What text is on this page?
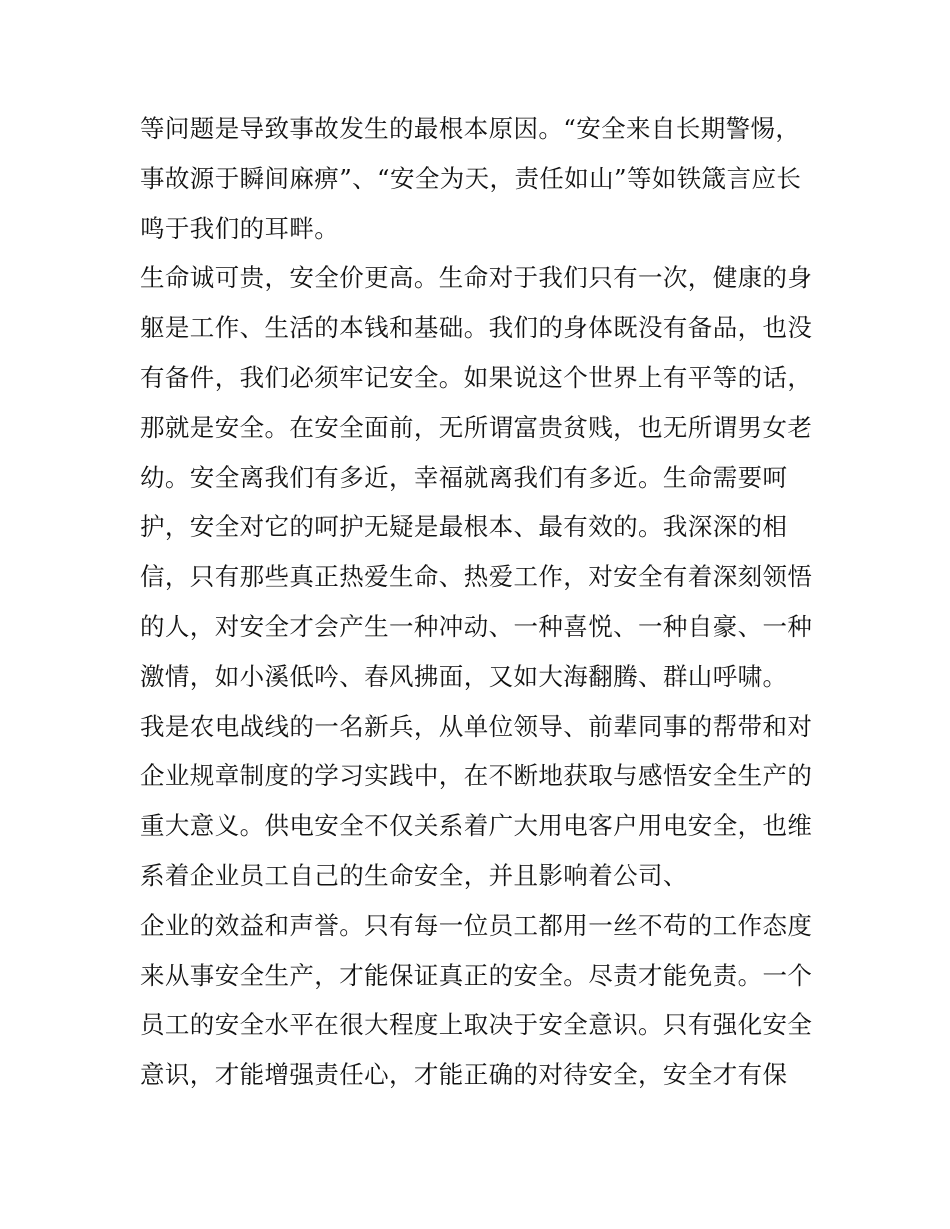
等问题是导致事故发生的最根本原因。“安全来自长期警惕，
事故源于瞬间麻痹”、“安全为天，责任如山”等如铁箴言应长
鸣于我们的耳畔。
生命诚可贵，安全价更高。生命对于我们只有一次，健康的身
躯是工作、生活的本钱和基础。我们的身体既没有备品，也没
有备件，我们必须牢记安全。如果说这个世界上有平等的话，
那就是安全。在安全面前，无所谓富贵贫贱，也无所谓男女老
幼。安全离我们有多近，幸福就离我们有多近。生命需要呵
护，安全对它的呵护无疑是最根本、最有效的。我深深的相
信，只有那些真正热爱生命、热爱工作，对安全有着深刻领悟
的人，对安全才会产生一种冲动、一种喜悦、一种自豪、一种
激情，如小溪低吟、春风拂面，又如大海翻腾、群山呼啸。
我是农电战线的一名新兵，从单位领导、前辈同事的帮带和对
企业规章制度的学习实践中，在不断地获取与感悟安全生产的
重大意义。供电安全不仅关系着广大用电客户用电安全，也维
系着企业员工自己的生命安全，并且影响着公司、
企业的效益和声誉。只有每一位员工都用一丝不苟的工作态度
来从事安全生产，才能保证真正的安全。尽责才能免责。一个
员工的安全水平在很大程度上取决于安全意识。只有强化安全
意识，才能增强责任心，才能正确的对待安全，安全才有保
